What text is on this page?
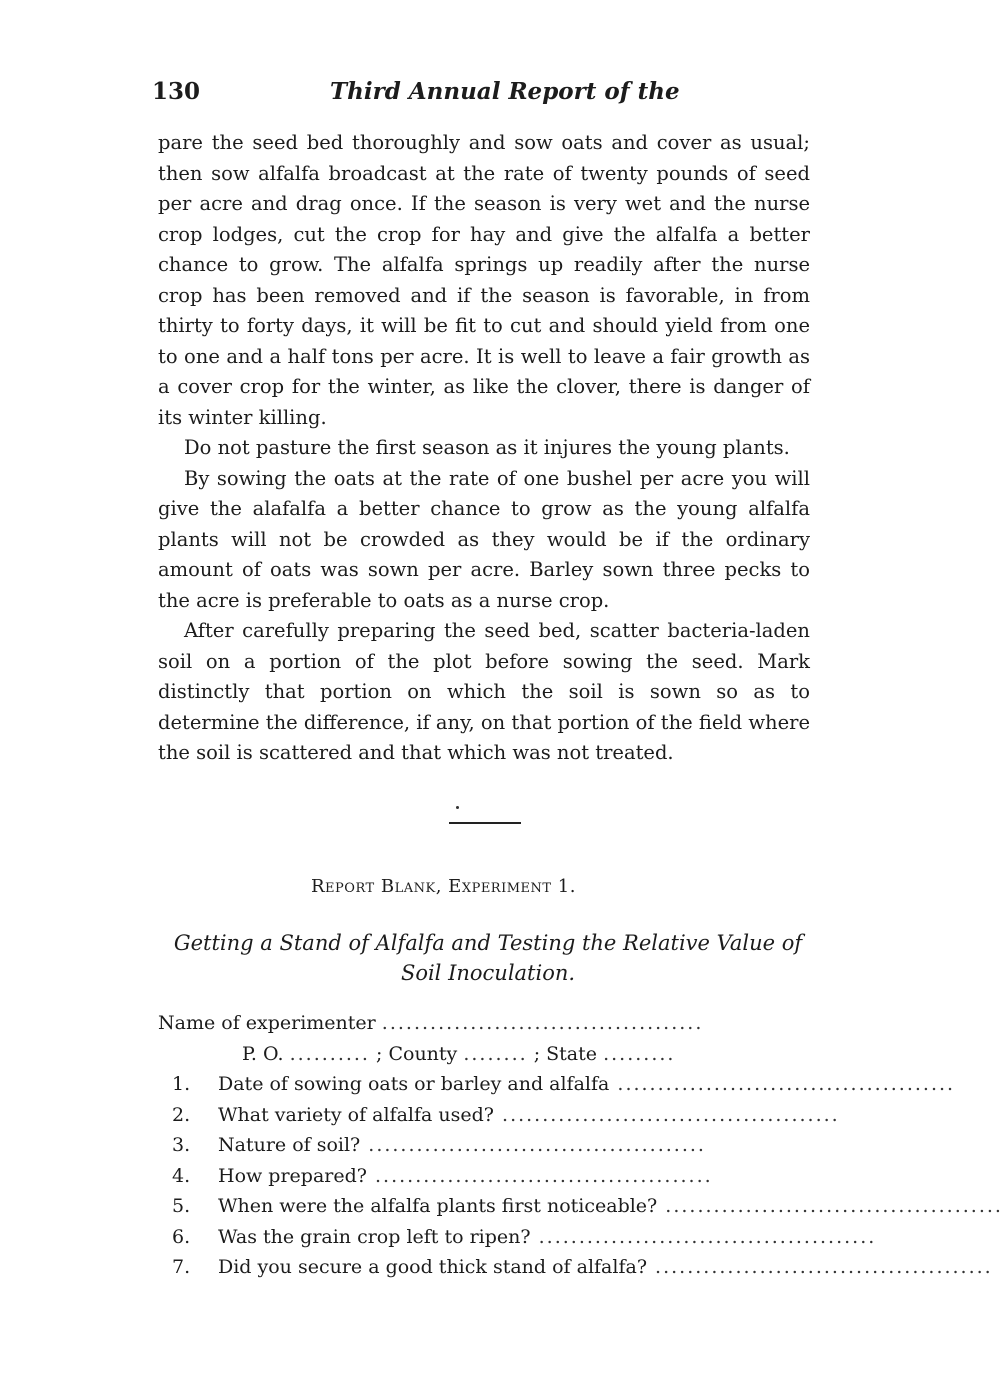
130	Third Annual Report of the

pare the seed bed thoroughly and sow oats and cover as usual; then sow alfalfa broadcast at the rate of twenty pounds of seed per acre and drag once. If the season is very wet and the nurse crop lodges, cut the crop for hay and give the alfalfa a better chance to grow. The alfalfa springs up readily after the nurse crop has been removed and if the season is favorable, in from thirty to forty days, it will be fit to cut and should yield from one to one and a half tons per acre. It is well to leave a fair growth as a cover crop for the winter, as like the clover, there is danger of its winter killing.

Do not pasture the first season as it injures the young plants.

By sowing the oats at the rate of one bushel per acre you will give the alafalfa a better chance to grow as the young alfalfa plants will not be crowded as they would be if the ordinary amount of oats was sown per acre. Barley sown three pecks to the acre is preferable to oats as a nurse crop.

After carefully preparing the seed bed, scatter bacteria-laden soil on a portion of the plot before sowing the seed. Mark distinctly that portion on which the soil is sown so as to determine the difference, if any, on that portion of the field where the soil is scattered and that which was not treated.

Report Blank, Experiment 1.
Getting a Stand of Alfalfa and Testing the Relative Value of Soil Inoculation.
Name of experimenter ........................................
P. O. .......... ; County ........ ; State .........
1. Date of sowing oats or barley and alfalfa ..........................................
2. What variety of alfalfa used? ..........................................
3. Nature of soil? ..........................................
4. How prepared? ..........................................
5. When were the alfalfa plants first noticeable? ..........................................
6. Was the grain crop left to ripen? ..........................................
7. Did you secure a good thick stand of alfalfa? ..........................................
